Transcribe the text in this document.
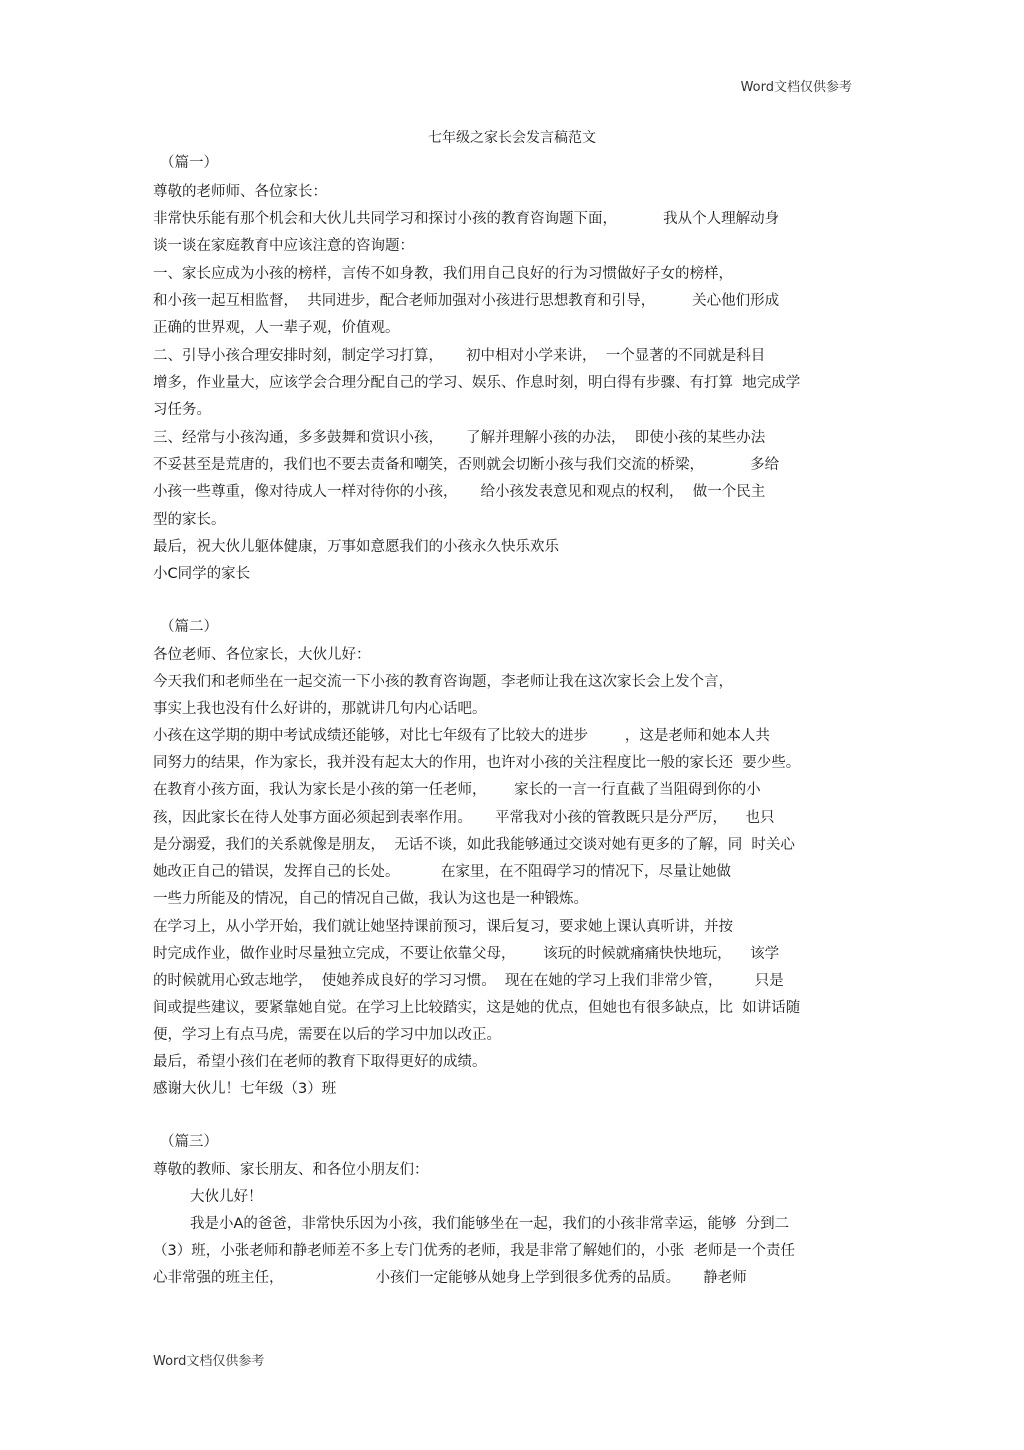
Word文档仅供参考
七年级之家长会发言稿范文
（篇一）
尊敬的老师师、各位家长：
非常快乐能有那个机会和大伙儿共同学习和探讨小孩的教育咨询题下面，          我从个人理解动身
谈一谈在家庭教育中应该注意的咨询题：
一、家长应成为小孩的榜样，言传不如身教，我们用自己良好的行为习惯做好子女的榜样，
和小孩一起互相监督，  共同进步，配合老师加强对小孩进行思想教育和引导，        关心他们形成
正确的世界观，人一辈子观，价值观。
二、引导小孩合理安排时刻，制定学习打算，     初中相对小学来讲，  一个显著的不同就是科目
增多，作业量大，应该学会合理分配自己的学习、娱乐、作息时刻，明白得有步骤、有打算  地完成学
习任务。
三、经常与小孩沟通，多多鼓舞和赏识小孩，     了解并理解小孩的办法，  即使小孩的某些办法
不妥甚至是荒唐的，我们也不要去责备和嘲笑，否则就会切断小孩与我们交流的桥梁，          多给
小孩一些尊重，像对待成人一样对待你的小孩，     给小孩发表意见和观点的权利，  做一个民主
型的家长。
最后，祝大伙儿躯体健康，万事如意愿我们的小孩永久快乐欢乐
小C同学的家长
（篇二）
各位老师、各位家长，大伙儿好：
今天我们和老师坐在一起交流一下小孩的教育咨询题，李老师让我在这次家长会上发个言，
事实上我也没有什么好讲的，那就讲几句内心话吧。
小孩在这学期的期中考试成绩还能够，对比七年级有了比较大的进步        ，这是老师和她本人共
同努力的结果，作为家长，我并没有起太大的作用，也许对小孩的关注程度比一般的家长还  要少些。
在教育小孩方面，我认为家长是小孩的第一任老师，      家长的一言一行直截了当阻碍到你的小
孩，因此家长在待人处事方面必须起到表率作用。     平常我对小孩的管教既只是分严厉，    也只
是分溺爱，我们的关系就像是朋友，  无话不谈，如此我能够通过交谈对她有更多的了解，同  时关心
她改正自己的错误，发挥自己的长处。         在家里，在不阻碍学习的情况下，尽量让她做
一些力所能及的情况，自己的情况自己做，我认为这也是一种锻炼。
在学习上，从小学开始，我们就让她坚持课前预习，课后复习，要求她上课认真听讲，并按
时完成作业，做作业时尽量独立完成，不要让依靠父母，      该玩的时候就痛痛快快地玩，    该学
的时候就用心致志地学，  使她养成良好的学习习惯。  现在在她的学习上我们非常少管，       只是
间或提些建议，要紧靠她自觉。在学习上比较踏实，这是她的优点，但她也有很多缺点，比  如讲话随
便，学习上有点马虎，需要在以后的学习中加以改正。
最后，希望小孩们在老师的教育下取得更好的成绩。
感谢大伙儿！七年级（3）班
（篇三）
尊敬的教师、家长朋友、和各位小朋友们：
大伙儿好！
我是小A的爸爸，非常快乐因为小孩，我们能够坐在一起，我们的小孩非常幸运，能够  分到二
（3）班，小张老师和静老师差不多上专门优秀的老师，我是非常了解她们的，小张  老师是一个责任
心非常强的班主任，                    小孩们一定能够从她身上学到很多优秀的品质。     静老师
Word文档仅供参考
